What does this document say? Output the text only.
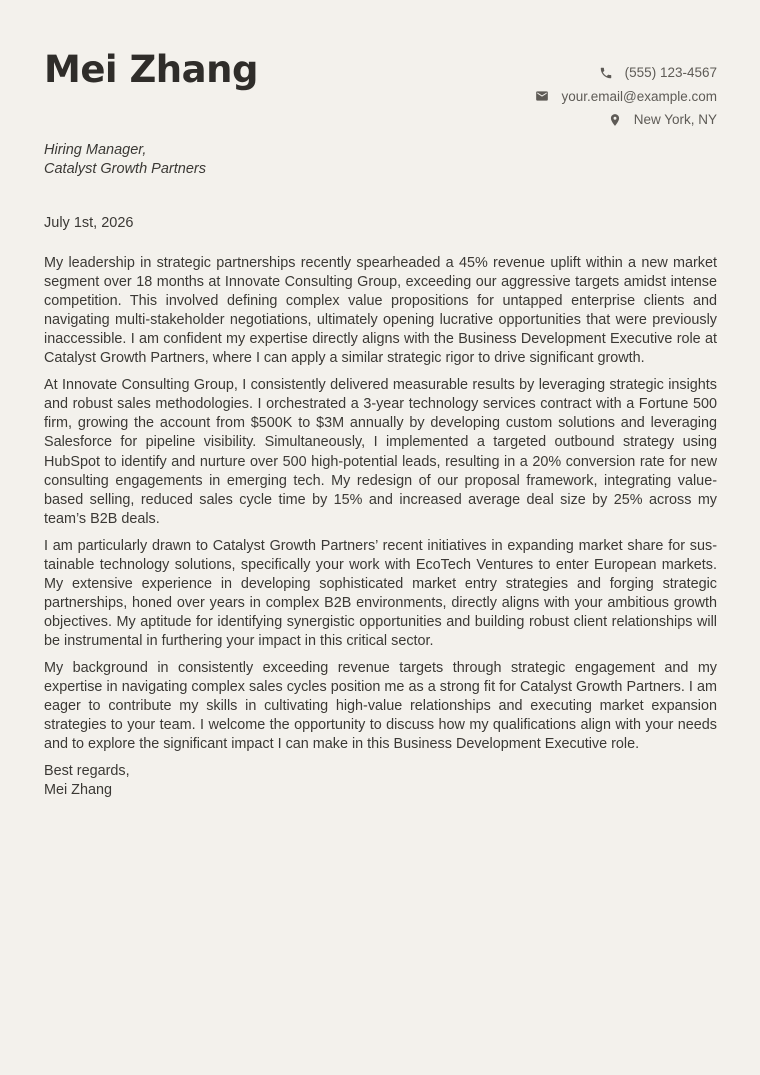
Mei Zhang	(555) 123-4567
your.email@example.com
New York, NY
Hiring Manager,
Catalyst Growth Partners
July 1st, 2026

My leadership in strategic partnerships recently spearheaded a 45% revenue uplift within a new market segment over 18 months at Innovate Consulting Group, exceeding our aggressive targets amidst intense competition. This involved defining complex value propositions for untapped enterprise clients and navigating multi-stakeholder negotiations, ultimately opening lucrative opportunities that were previously inaccessible. I am confident my expertise directly aligns with the Business Development Executive role at Catalyst Growth Partners, where I can apply a similar strategic rigor to drive significant growth.

At Innovate Consulting Group, I consistently delivered measurable results by leveraging strategic insights and robust sales methodologies. I orchestrated a 3-year technology services contract with a Fortune 500 firm, growing the account from $500K to $3M annually by developing custom solutions and leveraging Salesforce for pipeline visibility. Simultaneously, I implemented a targeted outbound strategy using HubSpot to identify and nurture over 500 high-potential leads, resulting in a 20% conversion rate for new consulting engagements in emerging tech. My redesign of our proposal framework, integrating value-based selling, reduced sales cycle time by 15% and increased average deal size by 25% across my team’s B2B deals.

I am particularly drawn to Catalyst Growth Partners’ recent initiatives in expanding market share for sustainable technology solutions, specifically your work with EcoTech Ventures to enter European markets. My extensive experience in developing sophisticated market entry strategies and forging strategic partnerships, honed over years in complex B2B environments, directly aligns with your ambitious growth objectives. My aptitude for identifying synergistic opportunities and building robust client relationships will be instrumental in furthering your impact in this critical sector.

My background in consistently exceeding revenue targets through strategic engagement and my expertise in navigating complex sales cycles position me as a strong fit for Catalyst Growth Partners. I am eager to contribute my skills in cultivating high-value relationships and executing market expansion strategies to your team. I welcome the opportunity to discuss how my qualifications align with your needs and to explore the significant impact I can make in this Business Development Executive role.

Best regards,
Mei Zhang
